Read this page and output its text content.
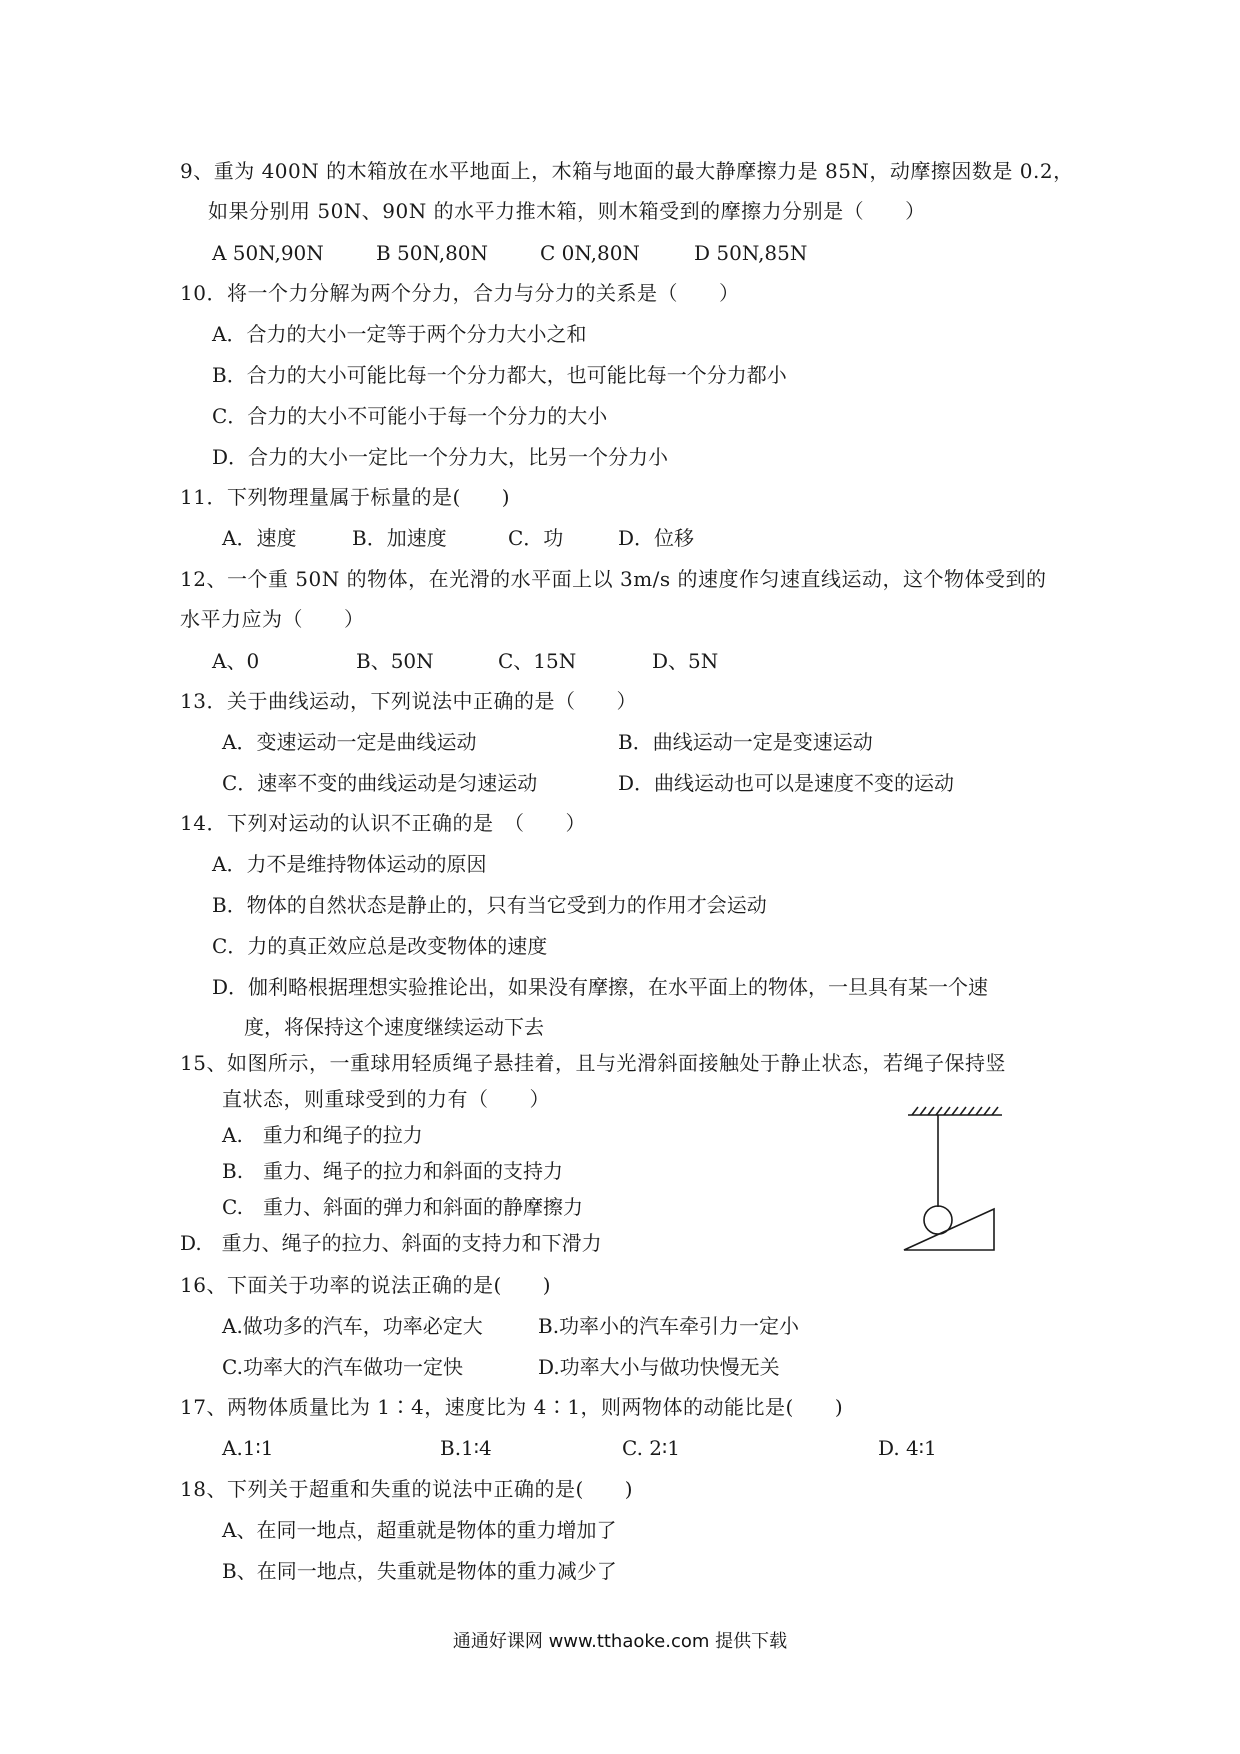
9、重为 400N 的木箱放在水平地面上，木箱与地面的最大静摩擦力是 85N，动摩擦因数是 0.2，
如果分别用 50N、90N 的水平力推木箱，则木箱受到的摩擦力分别是（　　）
A 50N,90N	B 50N,80N	C 0N,80N	D 50N,85N
10．将一个力分解为两个分力，合力与分力的关系是（　　）
A．合力的大小一定等于两个分力大小之和
B．合力的大小可能比每一个分力都大，也可能比每一个分力都小
C．合力的大小不可能小于每一个分力的大小
D．合力的大小一定比一个分力大，比另一个分力小
11．下列物理量属于标量的是(　　)
A．速度	B．加速度	C．功	D．位移
12、一个重 50N 的物体，在光滑的水平面上以 3m/s 的速度作匀速直线运动，这个物体受到的
水平力应为（　　）
A、0	B、50N	C、15N	D、5N
13．关于曲线运动，下列说法中正确的是（　　）
A．变速运动一定是曲线运动	B．曲线运动一定是变速运动
C．速率不变的曲线运动是匀速运动	D．曲线运动也可以是速度不变的运动
14．下列对运动的认识不正确的是　（　　）
A．力不是维持物体运动的原因
B．物体的自然状态是静止的，只有当它受到力的作用才会运动
C．力的真正效应总是改变物体的速度
D．伽利略根据理想实验推论出，如果没有摩擦，在水平面上的物体，一旦具有某一个速
度，将保持这个速度继续运动下去
15、如图所示，一重球用轻质绳子悬挂着，且与光滑斜面接触处于静止状态，若绳子保持竖
直状态，则重球受到的力有（　　）
A.　重力和绳子的拉力
B.　重力、绳子的拉力和斜面的支持力
C.　重力、斜面的弹力和斜面的静摩擦力
D.　重力、绳子的拉力、斜面的支持力和下滑力
16、下面关于功率的说法正确的是(　　)
A.做功多的汽车，功率必定大	B.功率小的汽车牵引力一定小
C.功率大的汽车做功一定快	D.功率大小与做功快慢无关
17、两物体质量比为 1∶4，速度比为 4∶1，则两物体的动能比是(　　)
A.1∶1	B.1∶4	C. 2∶1	D. 4∶1
18、下列关于超重和失重的说法中正确的是(　　)
A、在同一地点，超重就是物体的重力增加了
B、在同一地点，失重就是物体的重力减少了
通通好课网 www.tthaoke.com 提供下载
